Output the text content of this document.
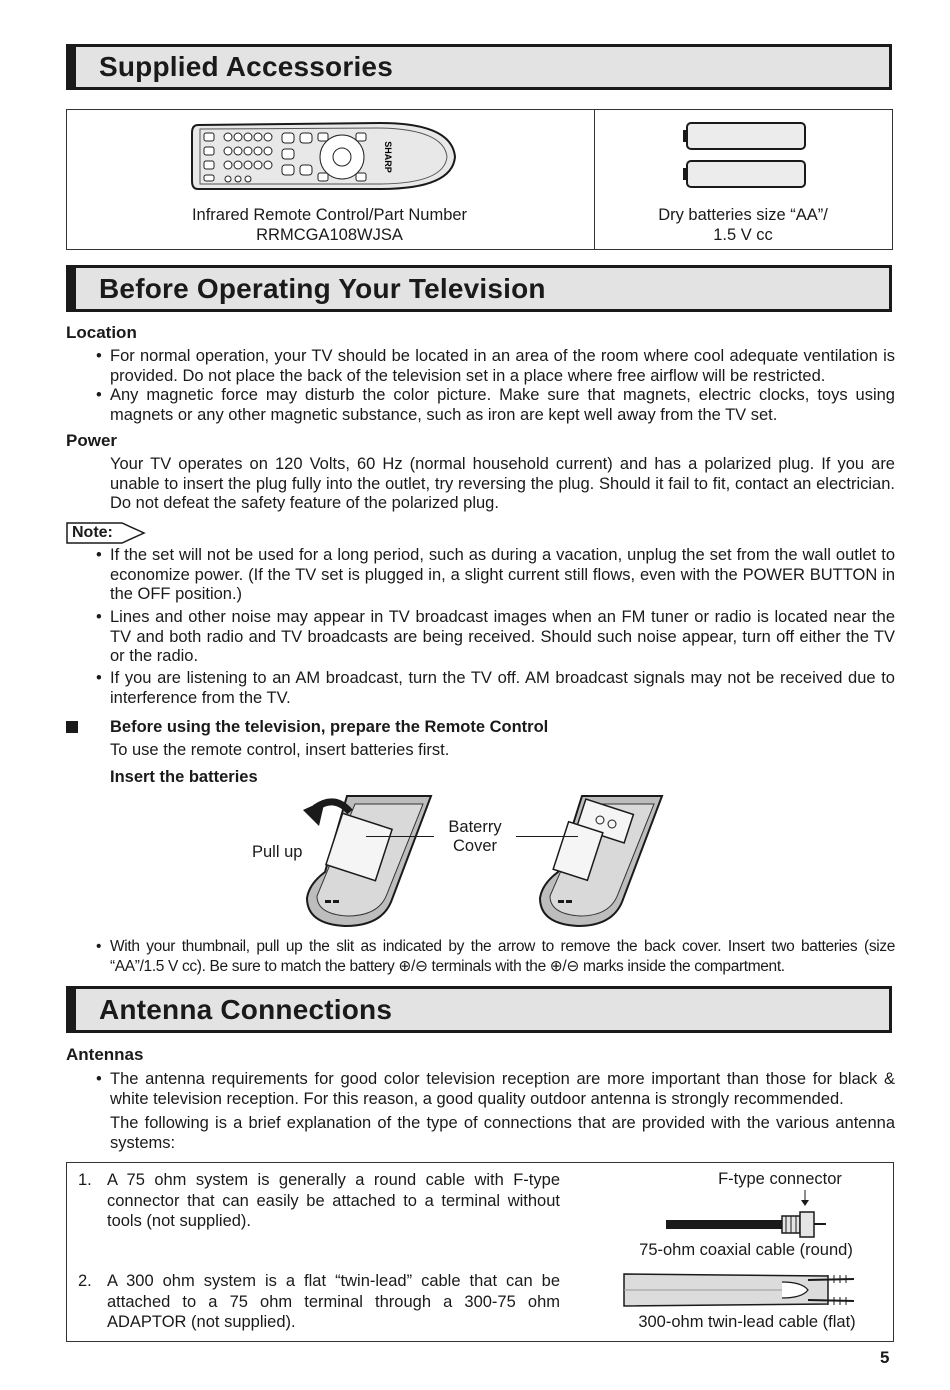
Supplied Accessories
SHARP
Infrared Remote Control/Part Number
RRMCGA108WJSA
Dry batteries size “AA”/
1.5 V cc
Before Operating Your Television
Location
• For normal operation, your TV should be located in an area of the room where cool adequate ventilation is provided. Do not place the back of the television set in a place where free airflow will be restricted.
• Any magnetic force may disturb the color picture. Make sure that magnets, electric clocks, toys using magnets or any other magnetic substance, such as iron are kept well away from the TV set.
Power
Your TV operates on 120 Volts, 60 Hz (normal household current) and has a polarized plug. If you are unable to insert the plug fully into the outlet, try reversing the plug. Should it fail to fit, contact an electrician. Do not defeat the safety feature of the polarized plug.
Note:
• If the set will not be used for a long period, such as during a vacation, unplug the set from the wall outlet to economize power. (If the TV set is plugged in, a slight current still flows, even with the POWER BUTTON in the OFF position.)
• Lines and other noise may appear in TV broadcast images when an FM tuner or radio is located near the TV and both radio and TV broadcasts are being received. Should such noise appear, turn off either the TV or the radio.
• If you are listening to an AM broadcast, turn the TV off. AM broadcast signals may not be received due to interference from the TV.
Before using the television, prepare the Remote Control
To use the remote control, insert batteries first.
Insert the batteries
Pull up
Baterry
Cover
• With your thumbnail, pull up the slit as indicated by the arrow to remove the back cover. Insert two batteries (size “AA”/1.5 V cc). Be sure to match the battery ⊕/⊖ terminals with the ⊕/⊖ marks inside the compartment.
Antenna Connections
Antennas
• The antenna requirements for good color television reception are more important than those for black & white television reception. For this reason, a good quality outdoor antenna is strongly recommended.
The following is a brief explanation of the type of connections that are provided with the various antenna systems:
1. A 75 ohm system is generally a round cable with F-type connector that can easily be attached to a terminal without tools (not supplied).
2. A 300 ohm system is a flat “twin-lead” cable that can be attached to a 75 ohm terminal through a 300-75 ohm ADAPTOR (not supplied).
F-type connector
75-ohm coaxial cable (round)
300-ohm twin-lead cable (flat)
5
